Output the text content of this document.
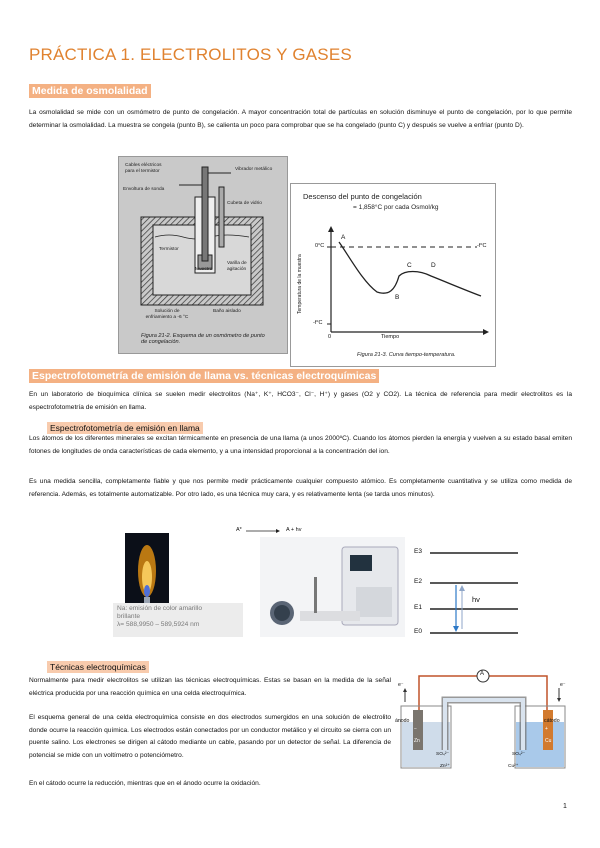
PRÁCTICA 1. ELECTROLITOS Y GASES
Medida de osmolalidad
La osmolalidad se mide con un osmómetro de punto de congelación. A mayor concentración total de partículas en solución disminuye el punto de congelación, por lo que permite determinar la osmolalidad. La muestra se congela (punto B), se calienta un poco para comprobar que se ha congelado (punto C) y después se vuelve a enfriar (punto D).
Cables eléctricos para el termistor	Vibrador metálico
Envoltura de sonda
Cubeta de vidrio
Termistor
Muestra
Varilla de agitación
Solución de enfriamiento a -6 °C
Baño aislado
Figura 21-2. Esquema de un osmómetro de punto de congelación.
Descenso del punto de congelación
= 1,858°C por cada Osmol/kg
A
B
C	D
0°C
-f°C
-f°C
0	Tiempo
Temperatura de la muestra
Figura 21-3. Curva tiempo-temperatura.
Espectrofotometría de emisión de llama vs. técnicas electroquímicas
En un laboratorio de bioquímica clínica se suelen medir electrolitos (Na⁺, K⁺, HCO3⁻, Cl⁻, H⁺) y gases (O2 y CO2). La técnica de referencia para medir electrolitos es la espectrofotometría de emisión en llama.
Espectrofotometría de emisión en llama
Los átomos de los diferentes minerales se excitan térmicamente en presencia de una llama (a unos 2000ºC). Cuando los átomos pierden la energía y vuelven a su estado basal emiten fotones de longitudes de onda características de cada elemento, y a una intensidad proporcional a la concentración del ion.
Es una medida sencilla, completamente fiable y que nos permite medir prácticamente cualquier compuesto atómico. Es completamente cuantitativa y se utiliza como medida de referencia. Además, es totalmente automatizable. Por otro lado, es una técnica muy cara, y es relativamente lenta (se tarda unos minutos).
Na: emisión de color amarillo
brillante
λ= 588,9950 – 589,5924 nm
A* → A + hv
E3
E2
E1
E0
hv
Técnicas electroquímicas
Normalmente para medir electrolitos se utilizan las técnicas electroquímicas. Estas se basan en la medida de la señal eléctrica producida por una reacción química en una celda electroquímica.
El esquema general de una celda electroquímica consiste en dos electrodos sumergidos en una solución de electrolito donde ocurre la reacción química. Los electrodos están conectados por un conductor metálico y el circuito se cierra con un puente salino. Los electrones se dirigen al cátodo mediante un cable, pasando por un detector de señal. La diferencia de potencial se mide con un voltímetro o potenciómetro.
En el cátodo ocurre la reducción, mientras que en el ánodo ocurre la oxidación.
A
ánodo	cátodo
e⁻	e⁻
−	+
Zn	Cu
SO₄²⁻	SO₄²⁻
Zn²⁺	Cu²⁺
1
